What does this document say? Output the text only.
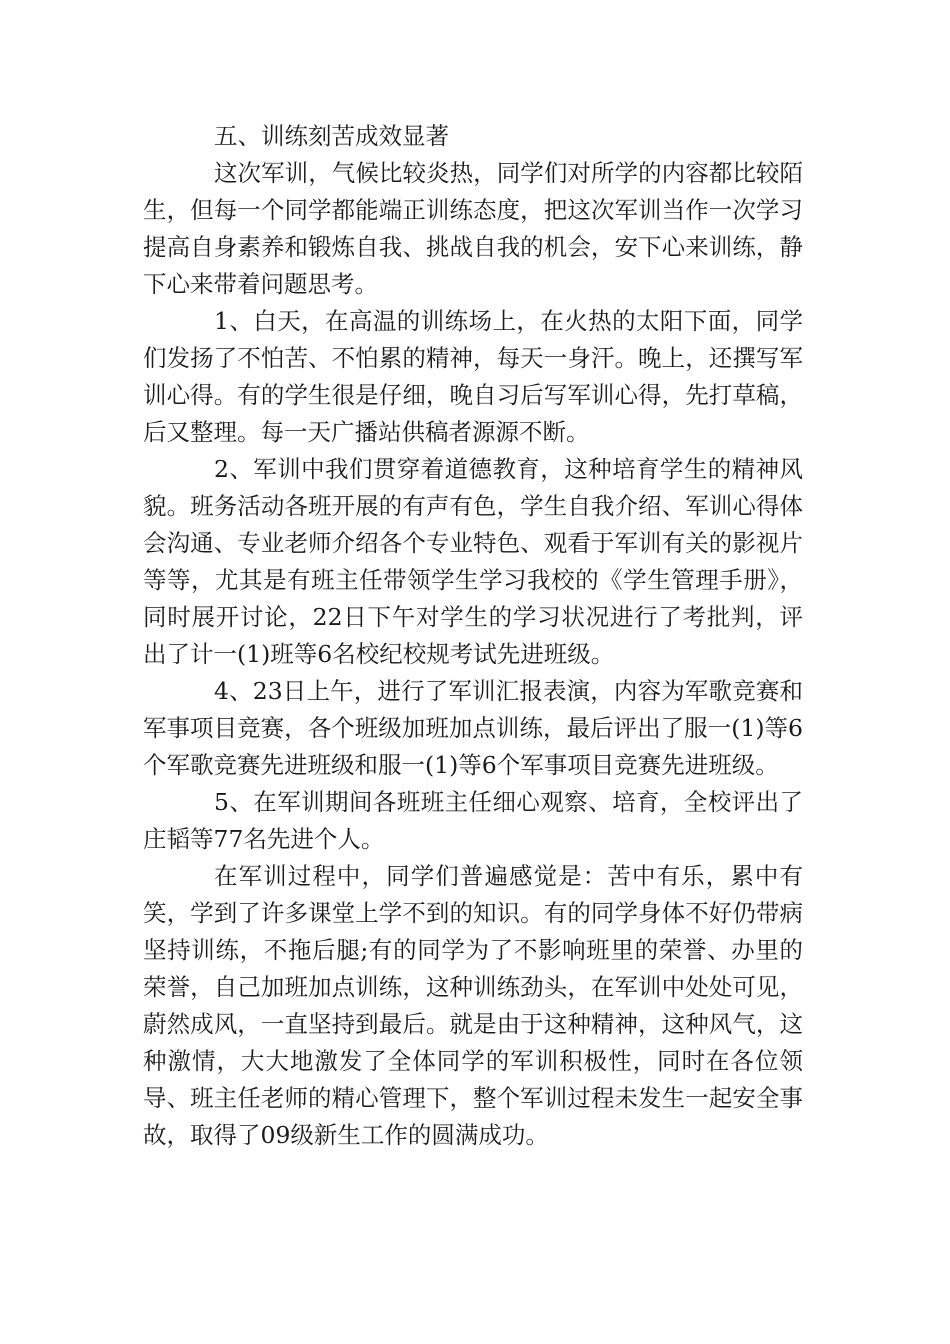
五、训练刻苦成效显著

这次军训，气候比较炎热，同学们对所学的内容都比较陌生，但每一个同学都能端正训练态度，把这次军训当作一次学习提高自身素养和锻炼自我、挑战自我的机会，安下心来训练，静下心来带着问题思考。

1、白天，在高温的训练场上，在火热的太阳下面，同学们发扬了不怕苦、不怕累的精神，每天一身汗。晚上，还撰写军训心得。有的学生很是仔细，晚自习后写军训心得，先打草稿，后又整理。每一天广播站供稿者源源不断。

2、军训中我们贯穿着道德教育，这种培育学生的精神风貌。班务活动各班开展的有声有色，学生自我介绍、军训心得体会沟通、专业老师介绍各个专业特色、观看于军训有关的影视片等等，尤其是有班主任带领学生学习我校的《学生管理手册》，同时展开讨论，22日下午对学生的学习状况进行了考批判，评出了计一(1)班等6名校纪校规考试先进班级。

4、23日上午，进行了军训汇报表演，内容为军歌竞赛和军事项目竞赛，各个班级加班加点训练，最后评出了服一(1)等6个军歌竞赛先进班级和服一(1)等6个军事项目竞赛先进班级。

5、在军训期间各班班主任细心观察、培育，全校评出了庄韬等77名先进个人。

在军训过程中，同学们普遍感觉是：苦中有乐，累中有笑，学到了许多课堂上学不到的知识。有的同学身体不好仍带病坚持训练，不拖后腿;有的同学为了不影响班里的荣誉、办里的荣誉，自己加班加点训练，这种训练劲头，在军训中处处可见，蔚然成风，一直坚持到最后。就是由于这种精神，这种风气，这种激情，大大地激发了全体同学的军训积极性，同时在各位领导、班主任老师的精心管理下，整个军训过程未发生一起安全事故，取得了09级新生工作的圆满成功。
